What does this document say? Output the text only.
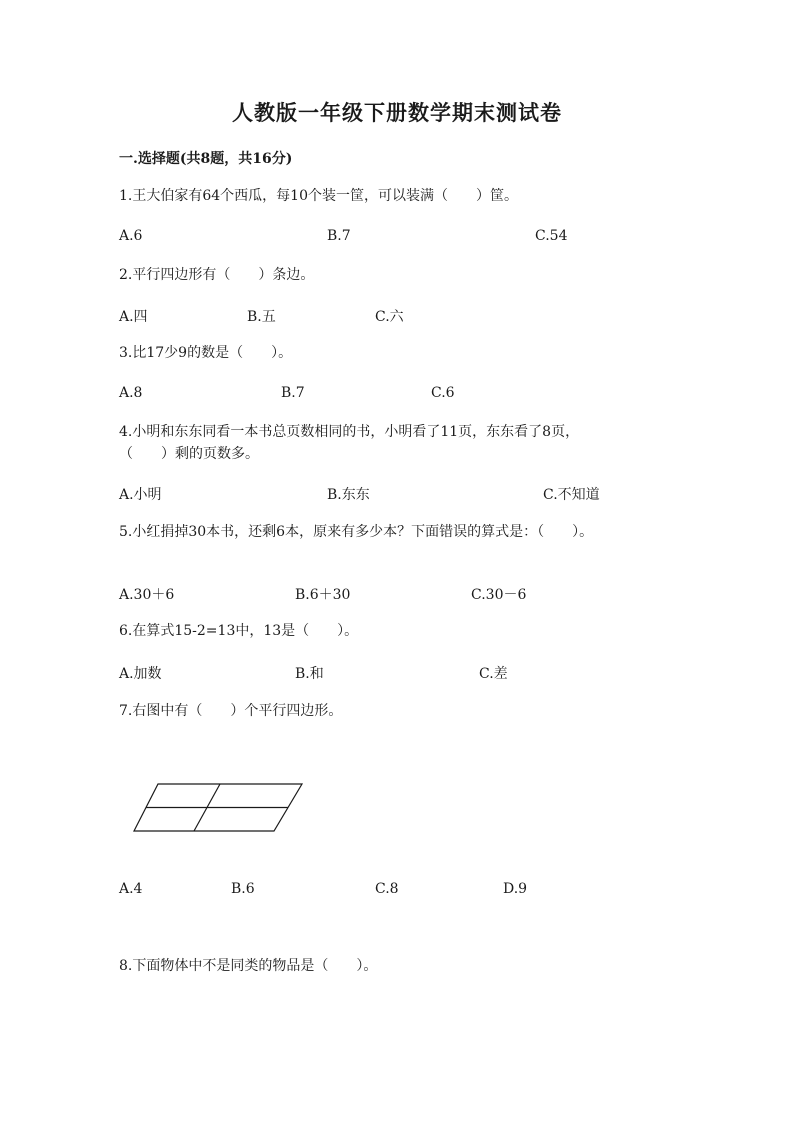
人教版一年级下册数学期末测试卷
一.选择题(共8题，共16分)
1.王大伯家有64个西瓜，每10个装一筐，可以装满（　　）筐。
A.6	B.7	C.54
2.平行四边形有（　　）条边。
A.四	B.五	C.六
3.比17少9的数是（　　）。
A.8	B.7	C.6
4.小明和东东同看一本书总页数相同的书，小明看了11页，东东看了8页，
（　　）剩的页数多。
A.小明	B.东东	C.不知道
5.小红捐掉30本书，还剩6本，原来有多少本？下面错误的算式是：（　　）。
A.30＋6	B.6＋30	C.30－6
6.在算式15-2=13中，13是（　　）。
A.加数	B.和	C.差
7.右图中有（　　）个平行四边形。
A.4	B.6	C.8	D.9
8.下面物体中不是同类的物品是（　　）。
